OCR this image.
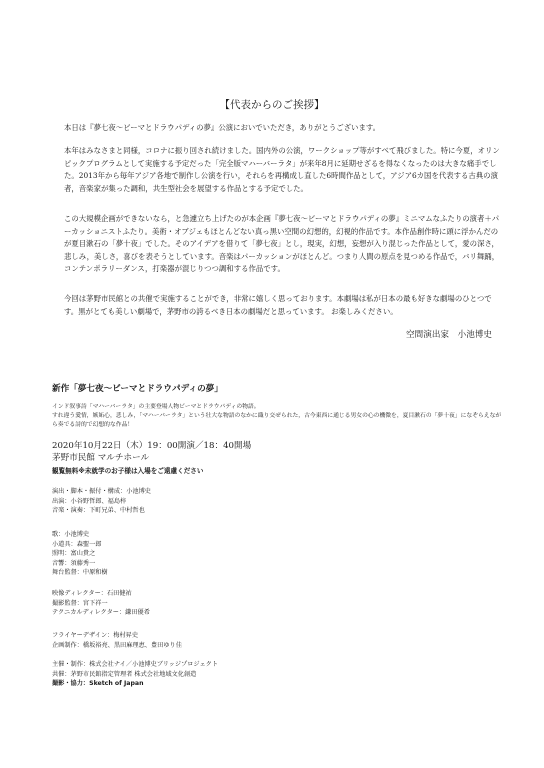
【代表からのご挨拶】

本日は『夢七夜～ビーマとドラウパディの夢』公演においでいただき，ありがとうございます。

本年はみなさまと同様，コロナに振り回され続けました。国内外の公演，ワークショップ等がすべて飛びました。特に今夏，オリンピックプログラムとして実施する予定だった「完全版マハーバーラタ」が来年8月に延期せざるを得なくなったのは大きな痛手でした。2013年から毎年アジア各地で制作し公演を行い，それらを再構成し直した6時間作品として，アジア6カ国を代表する古典の演者，音楽家が集った調和，共生型社会を展望する作品とする予定でした。

この大規模企画ができないなら，と急遽立ち上げたのが本企画『夢七夜～ビーマとドラウパディの夢』ミニマムなふたりの演者＋パーカッショニストふたり。美術・オブジェもほとんどない真っ黒い空間の幻想的，幻視的作品です。本作品創作時に頭に浮かんだのが夏目漱石の「夢十夜」でした。そのアイデアを借りて「夢七夜」とし，現実，幻想，妄想が入り混じった作品として，愛の深さ，悲しみ，美しさ，喜びを表そうとしています。音楽はパーカッションがほとんど。つまり人間の原点を見つめる作品で，バリ舞踊，コンテンポラリーダンス，打楽器が混じりつつ調和する作品です。

今回は茅野市民館との共催で実施することができ，非常に嬉しく思っております。本劇場は私が日本の最も好きな劇場のひとつです。黒がとても美しい劇場で，茅野市の誇るべき日本の劇場だと思っています。 お楽しみください。

空間演出家　小池博史
新作「夢七夜～ビーマとドラウパディの夢」

インド叙事詩「マハーバーラタ」の主要登場人物ビーマとドラウパディの物語。
すれ違う愛情，嫉妬心，悲しみ，「マハーバーラタ」という壮大な物語のなかに織り交ぜられた，古今東西に通じる男女の心の機微を，夏目漱石の「夢十夜」になぞらえながら奏でる詩的で幻想的な作品！

2020年10月22日（木）19：00開演／18：40開場
茅野市民館 マルチホール
観覧無料※未就学のお子様は入場をご遠慮ください
演出・脚本・振付・構成：小池博史
出演：小谷野哲郎、福島梓
音楽・演奏：下町兄弟、中村哲也
歌：小池博史
小道具：森聖一郎
照明：富山貴之
音響：須藤秀一
舞台監督：中原和樹
映像ディレクター：石田健祐
撮影監督：宮下祥一
テクニカルディレクター：鎌田優希
フライヤーデザイン：梅村昇史
企画制作：橋坂裕亮、黒田麻理恵、豊田ゆり佳
主催・制作：株式会社ナイ／小池博史ブリッジプロジェクト
共催：茅野市民館指定管理者 株式会社地域文化創造
撮影・協力：Sketch of Japan
